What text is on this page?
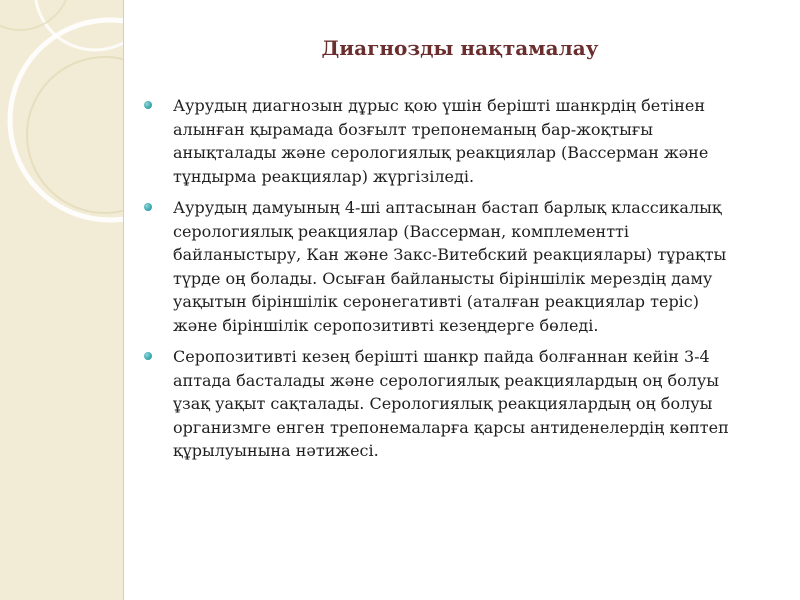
Диагнозды нақтамалау
Аурудың диагнозын дұрыс қою үшін берішті шанкрдің бетінен алынған қырамада бозғылт трепонеманың бар-жоқтығы анықталады және серологиялық реакциялар (Вассерман және тұндырма реакциялар) жүргізіледі.
Аурудың дамуының 4-ші аптасынан бастап барлық классикалық серологиялық реакциялар (Вассерман, комплементті байланыстыру, Кан және Закс-Витебский реакциялары) тұрақты түрде оң болады. Осыған байланысты біріншілік мерездің даму уақытын біріншілік серонегативті (аталған реакциялар теріс) және біріншілік серопозитивті кезеңдерге бөледі.
Серопозитивті кезең берішті шанкр пайда болғаннан кейін 3-4 аптада басталады және серологиялық реакциялардың оң болуы ұзақ уақыт сақталады. Серологиялық реакциялардың оң болуы организмге енген трепонемаларға қарсы антиденелердің көптеп құрылуынына нәтижесі.
